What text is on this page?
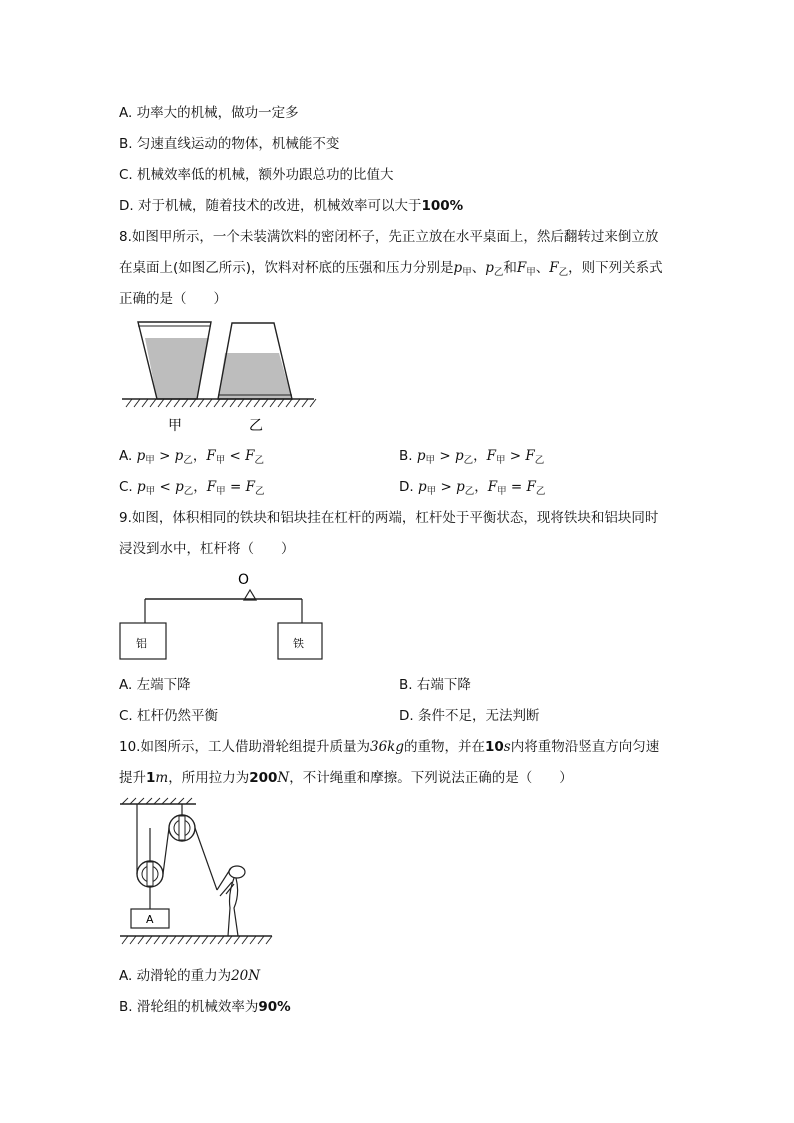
A. 功率大的机械，做功一定多
B. 匀速直线运动的物体，机械能不变
C. 机械效率低的机械，额外功跟总功的比值大
D. 对于机械，随着技术的改进，机械效率可以大于100%
8.如图甲所示，一个未装满饮料的密闭杯子，先正立放在水平桌面上，然后翻转过来倒立放
在桌面上(如图乙所示)，饮料对杯底的压强和压力分别是$p_甲$、$p_乙$和$F_甲$、$F_乙$，则下列关系式
正确的是（　　）
甲	乙
A. $p_甲 > p_乙$，$F_甲 < F_乙$	B. $p_甲 > p_乙$，$F_甲 > F_乙$
C. $p_甲 < p_乙$，$F_甲 = F_乙$	D. $p_甲 > p_乙$，$F_甲 = F_乙$
9.如图，体积相同的铁块和铝块挂在杠杆的两端，杠杆处于平衡状态，现将铁块和铝块同时
浸没到水中，杠杆将（　　）
O
铝	铁
A. 左端下降	B. 右端下降
C. 杠杆仍然平衡	D. 条件不足，无法判断
10.如图所示，工人借助滑轮组提升质量为36kg的重物，并在10s内将重物沿竖直方向匀速
提升1m，所用拉力为200N，不计绳重和摩擦。下列说法正确的是（　　）
A
A. 动滑轮的重力为20N
B. 滑轮组的机械效率为90%
